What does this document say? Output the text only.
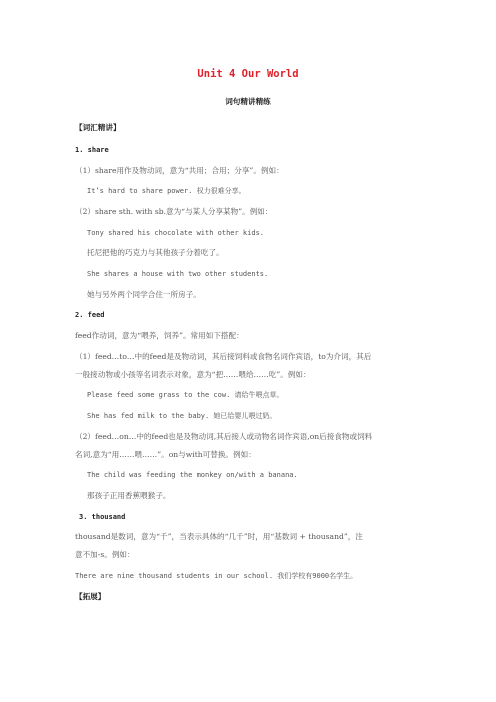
Unit 4 Our World
词句精讲精练
【词汇精讲】
1. share
（1）share用作及物动词，意为“共用；合用；分享”。例如：
It’s hard to share power. 权力很难分享。
（2）share sth. with sb.意为“与某人分享某物”。例如：
Tony shared his chocolate with other kids.
托尼把他的巧克力与其他孩子分着吃了。
She shares a house with two other students.
她与另外两个同学合住一所房子。
2. feed
feed作动词，意为“喂养，饲养”。常用如下搭配：
（1）feed…to…中的feed是及物动词，其后接饲料或食物名词作宾语，to为介词，其后
一般接动物或小孩等名词表示对象，意为“把……喂给……吃”。例如：
Please feed some grass to the cow. 请给牛喂点草。
She has fed milk to the baby. 她已给婴儿喂过奶。
（2）feed…on…中的feed也是及物动词,其后接人或动物名词作宾语,on后接食物或饲料
名词,意为“用……喂……”。on与with可替换。例如：
The child was feeding the monkey on/with a banana.
那孩子正用香蕉喂猴子。
3. thousand
thousand是数词，意为“千”，当表示具体的“几千”时，用“基数词 + thousand”，注
意不加-s。例如：
There are nine thousand students in our school. 我们学校有9000名学生。
【拓展】
